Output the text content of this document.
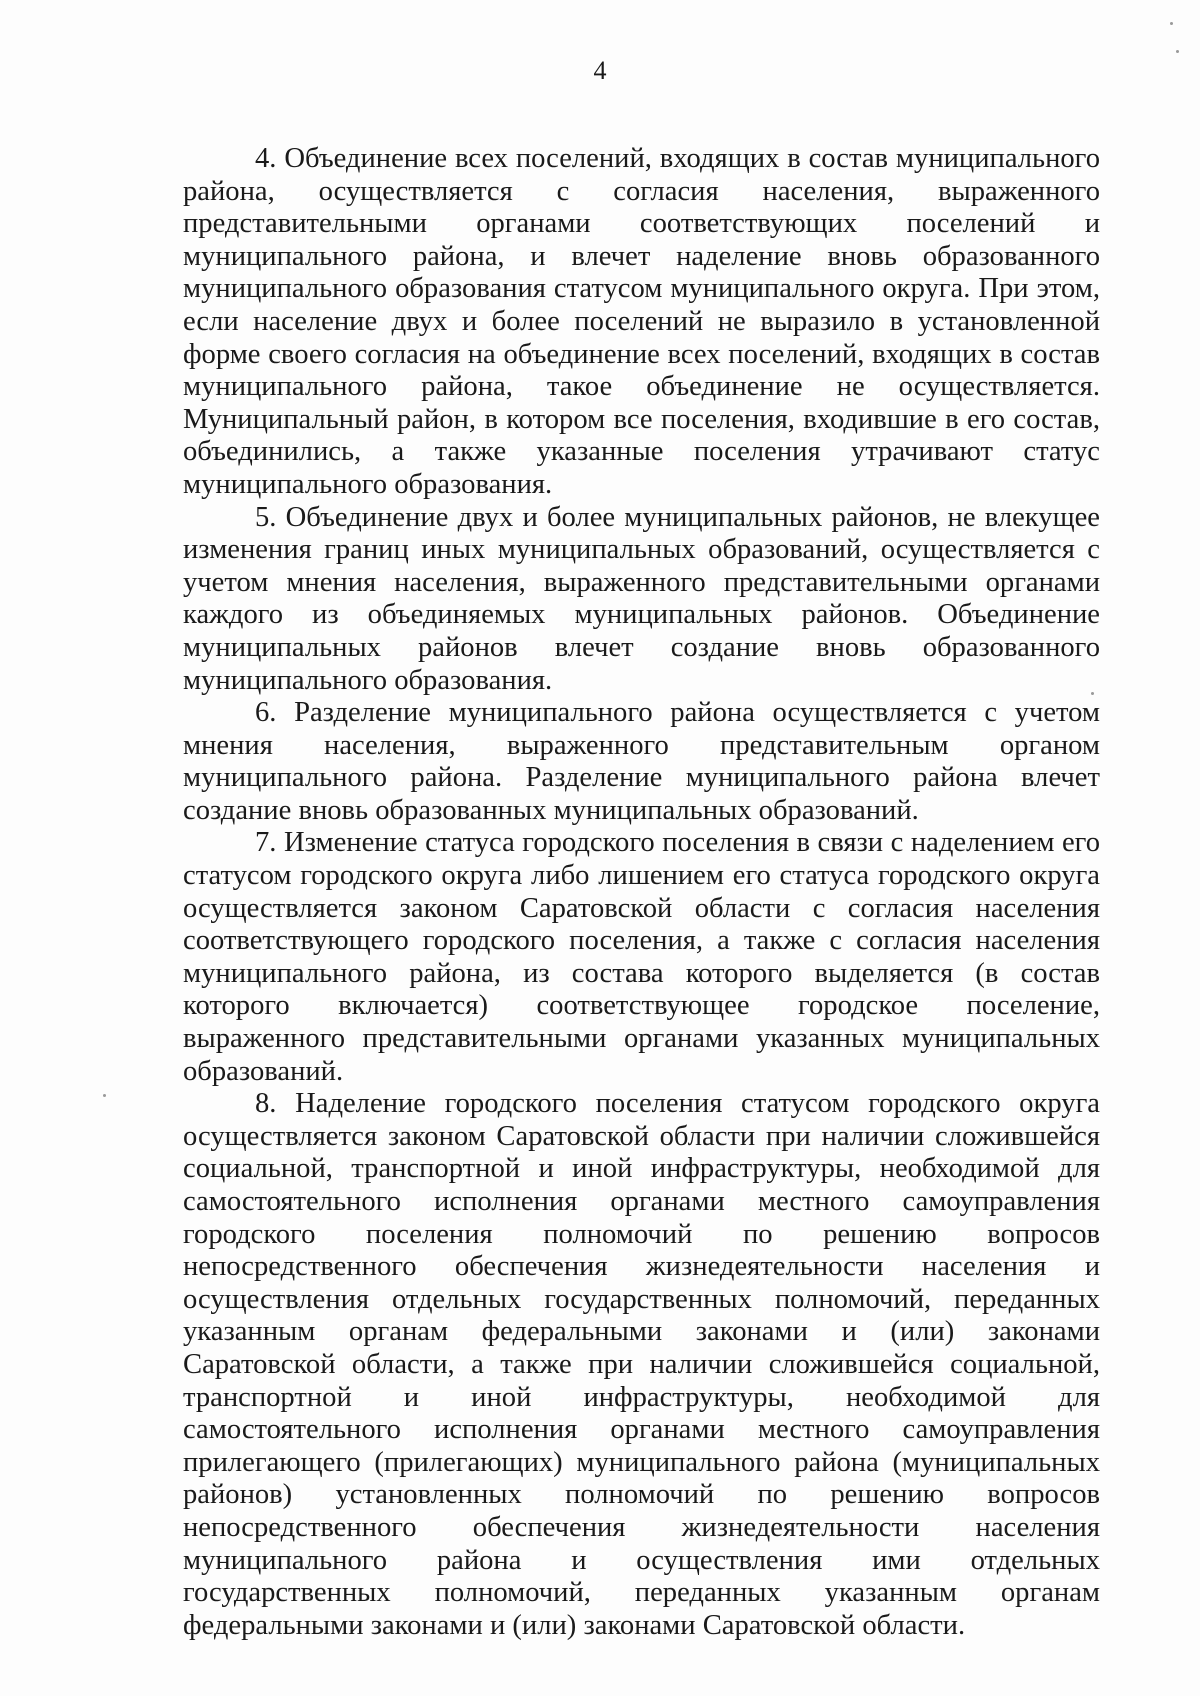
4

4. Объединение всех поселений, входящих в состав муниципального района, осуществляется с согласия населения, выраженного представительными органами соответствующих поселений и муниципального района, и влечет наделение вновь образованного муниципального образования статусом муниципального округа. При этом, если население двух и более поселений не выразило в установленной форме своего согласия на объединение всех поселений, входящих в состав муниципального района, такое объединение не осуществляется. Муниципальный район, в котором все поселения, входившие в его состав, объединились, а также указанные поселения утрачивают статус муниципального образования.

5. Объединение двух и более муниципальных районов, не влекущее изменения границ иных муниципальных образований, осуществляется с учетом мнения населения, выраженного представительными органами каждого из объединяемых муниципальных районов. Объединение муниципальных районов влечет создание вновь образованного муниципального образования.

6. Разделение муниципального района осуществляется с учетом мнения населения, выраженного представительным органом муниципального района. Разделение муниципального района влечет создание вновь образованных муниципальных образований.

7. Изменение статуса городского поселения в связи с наделением его статусом городского округа либо лишением его статуса городского округа осуществляется законом Саратовской области с согласия населения соответствующего городского поселения, а также с согласия населения муниципального района, из состава которого выделяется (в состав которого включается) соответствующее городское поселение, выраженного представительными органами указанных муниципальных образований.

8. Наделение городского поселения статусом городского округа осуществляется законом Саратовской области при наличии сложившейся социальной, транспортной и иной инфраструктуры, необходимой для самостоятельного исполнения органами местного самоуправления городского поселения полномочий по решению вопросов непосредственного обеспечения жизнедеятельности населения и осуществления отдельных государственных полномочий, переданных указанным органам федеральными законами и (или) законами Саратовской области, а также при наличии сложившейся социальной, транспортной и иной инфраструктуры, необходимой для самостоятельного исполнения органами местного самоуправления прилегающего (прилегающих) муниципального района (муниципальных районов) установленных полномочий по решению вопросов непосредственного обеспечения жизнедеятельности населения муниципального района и осуществления ими отдельных государственных полномочий, переданных указанным органам федеральными законами и (или) законами Саратовской области.
